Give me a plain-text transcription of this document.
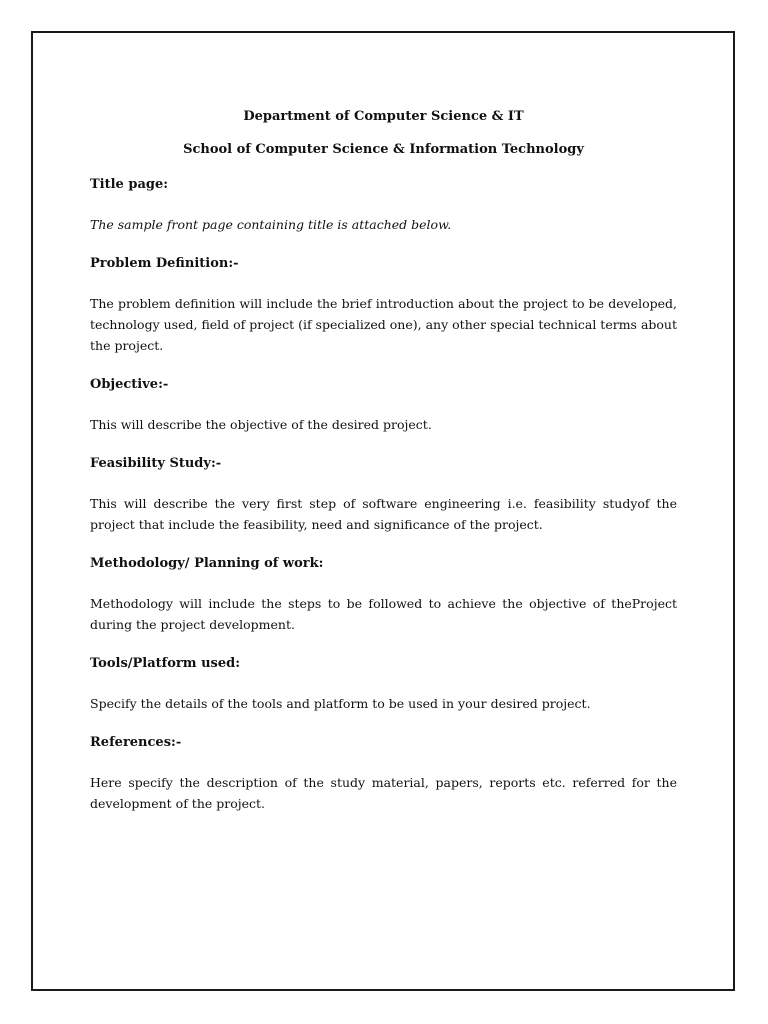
Department of Computer Science & IT
School of Computer Science & Information Technology
Title page:
The sample front page containing title is attached below.
Problem Definition:-
The problem definition will include the brief introduction about the project to be developed, technology used, field of project (if specialized one), any other special technical terms about the project.
Objective:-
This will describe the objective of the desired project.
Feasibility Study:-
This will describe the very first step of software engineering i.e. feasibility studyof the project that include the feasibility, need and significance of the project.
Methodology/ Planning of work:
Methodology will include the steps to be followed to achieve the objective of theProject during the project development.
Tools/Platform used:
Specify the details of the tools and platform to be used in your desired project.
References:-
Here specify the description of the study material, papers, reports etc. referred for the development of the project.
